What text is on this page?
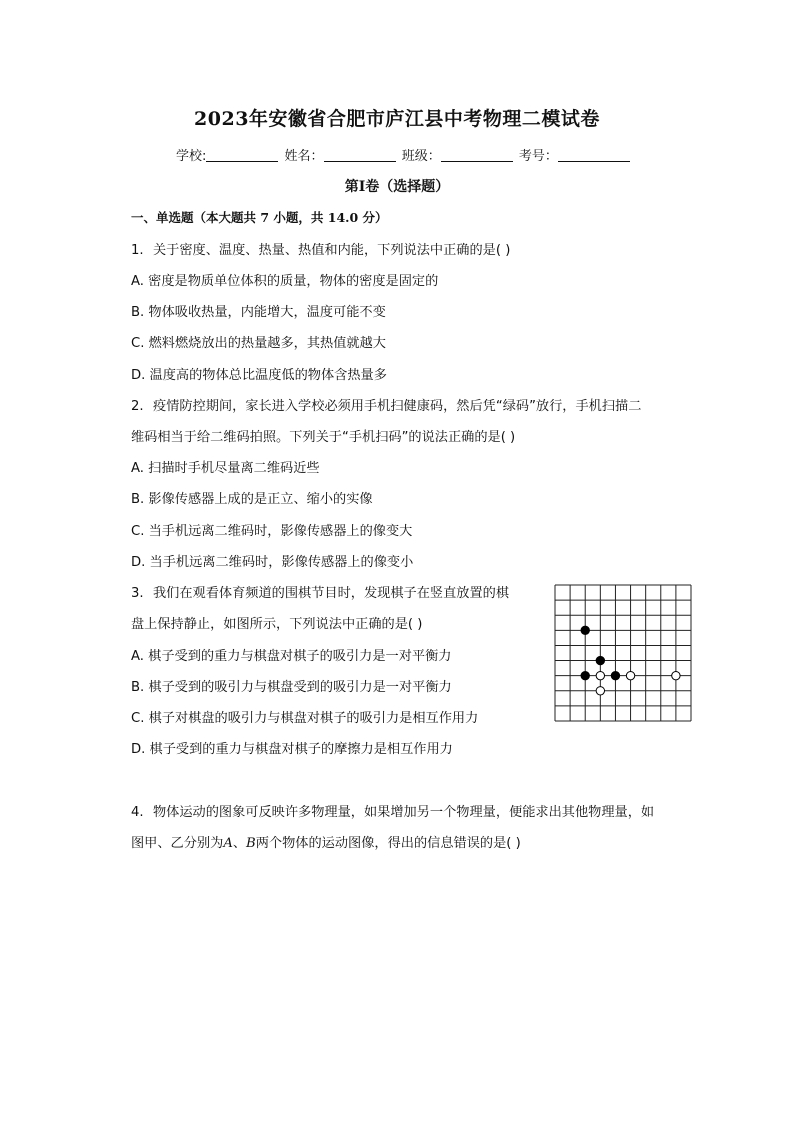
2023年安徽省合肥市庐江县中考物理二模试卷
学校:	姓名：	班级：	考号：
第I卷（选择题）
一、单选题（本大题共 7 小题，共 14.0 分）
1. 关于密度、温度、热量、热值和内能，下列说法中正确的是( )
A. 密度是物质单位体积的质量，物体的密度是固定的
B. 物体吸收热量，内能增大，温度可能不变
C. 燃料燃烧放出的热量越多，其热值就越大
D. 温度高的物体总比温度低的物体含热量多
2. 疫情防控期间，家长进入学校必须用手机扫健康码，然后凭“绿码”放行，手机扫描二
维码相当于给二维码拍照。下列关于“手机扫码”的说法正确的是( )
A. 扫描时手机尽量离二维码近些
B. 影像传感器上成的是正立、缩小的实像
C. 当手机远离二维码时，影像传感器上的像变大
D. 当手机远离二维码时，影像传感器上的像变小
3. 我们在观看体育频道的围棋节目时，发现棋子在竖直放置的棋
盘上保持静止，如图所示，下列说法中正确的是( )
A. 棋子受到的重力与棋盘对棋子的吸引力是一对平衡力
B. 棋子受到的吸引力与棋盘受到的吸引力是一对平衡力
C. 棋子对棋盘的吸引力与棋盘对棋子的吸引力是相互作用力
D. 棋子受到的重力与棋盘对棋子的摩擦力是相互作用力
4. 物体运动的图象可反映许多物理量，如果增加另一个物理量，便能求出其他物理量，如
图甲、乙分别为A、B两个物体的运动图像，得出的信息错误的是( )
